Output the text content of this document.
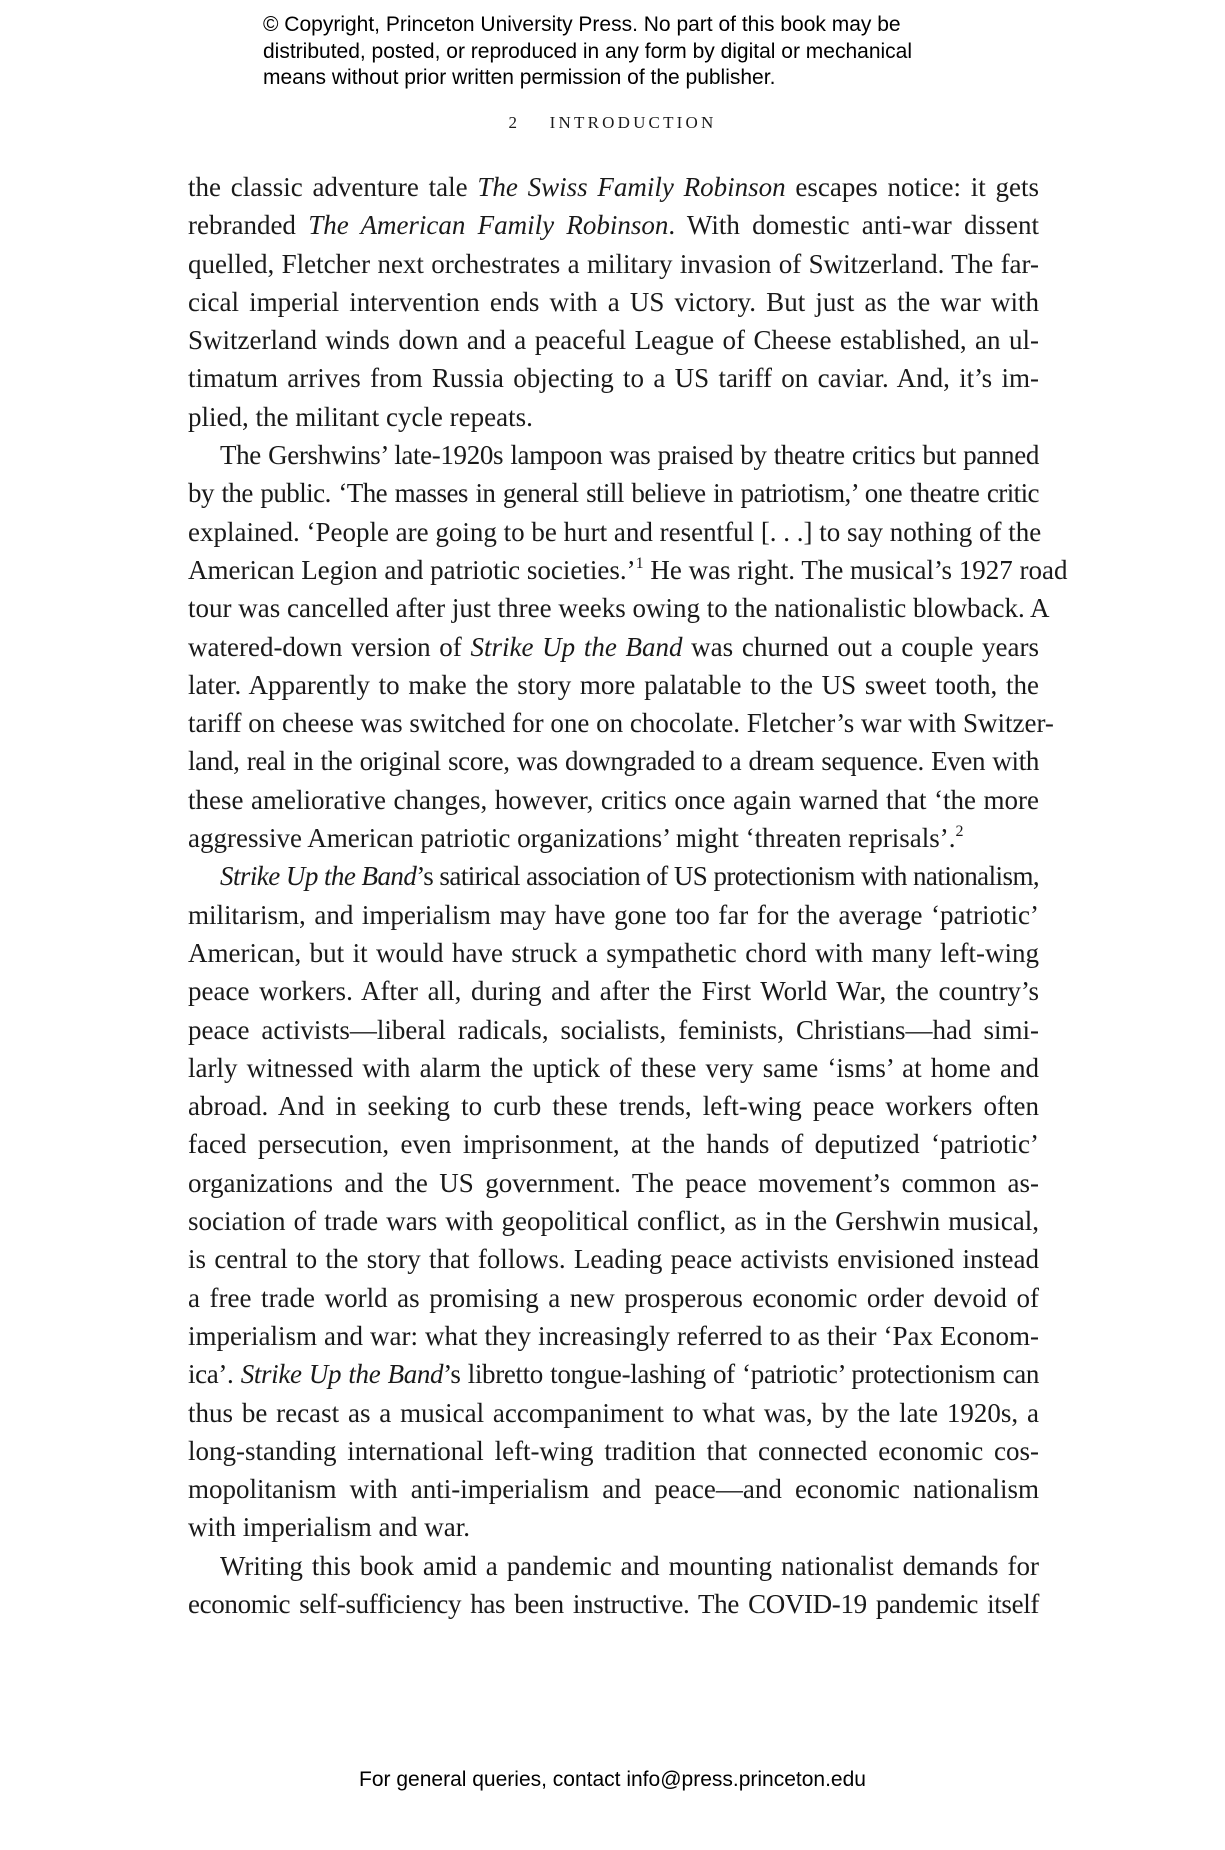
© Copyright, Princeton University Press. No part of this book may be
distributed, posted, or reproduced in any form by digital or mechanical
means without prior written permission of the publisher.
2 INTRODUCTION
the classic adventure tale The Swiss Family Robinson escapes notice: it gets
rebranded The American Family Robinson. With domestic anti-war dissent
quelled, Fletcher next orchestrates a military invasion of Switzerland. The far-
cical imperial intervention ends with a US victory. But just as the war with
Switzerland winds down and a peaceful League of Cheese established, an ul-
timatum arrives from Russia objecting to a US tariff on caviar. And, it’s im-
plied, the militant cycle repeats.
The Gershwins’ late-1920s lampoon was praised by theatre critics but panned
by the public. ‘The masses in general still believe in patriotism,’ one theatre critic
explained. ‘People are going to be hurt and resentful [. . .] to say nothing of the
American Legion and patriotic societies.’$^1$ He was right. The musical’s 1927 road
tour was cancelled after just three weeks owing to the nationalistic blowback. A
watered-down version of Strike Up the Band was churned out a couple years
later. Apparently to make the story more palatable to the US sweet tooth, the
tariff on cheese was switched for one on chocolate. Fletcher’s war with Switzer-
land, real in the original score, was downgraded to a dream sequence. Even with
these ameliorative changes, however, critics once again warned that ‘the more
aggressive American patriotic organizations’ might ‘threaten reprisals’.$^2$
Strike Up the Band’s satirical association of US protectionism with nationalism,
militarism, and imperialism may have gone too far for the average ‘patriotic’
American, but it would have struck a sympathetic chord with many left-wing
peace workers. After all, during and after the First World War, the country’s
peace activists—liberal radicals, socialists, feminists, Christians—had simi-
larly witnessed with alarm the uptick of these very same ‘isms’ at home and
abroad. And in seeking to curb these trends, left-wing peace workers often
faced persecution, even imprisonment, at the hands of deputized ‘patriotic’
organizations and the US government. The peace movement’s common as-
sociation of trade wars with geopolitical conflict, as in the Gershwin musical,
is central to the story that follows. Leading peace activists envisioned instead
a free trade world as promising a new prosperous economic order devoid of
imperialism and war: what they increasingly referred to as their ‘Pax Econom-
ica’. Strike Up the Band’s libretto tongue-lashing of ‘patriotic’ protectionism can
thus be recast as a musical accompaniment to what was, by the late 1920s, a
long-standing international left-wing tradition that connected economic cos-
mopolitanism with anti-imperialism and peace—and economic nationalism
with imperialism and war.
Writing this book amid a pandemic and mounting nationalist demands for
economic self-sufficiency has been instructive. The COVID-19 pandemic itself
For general queries, contact info@press.princeton.edu
